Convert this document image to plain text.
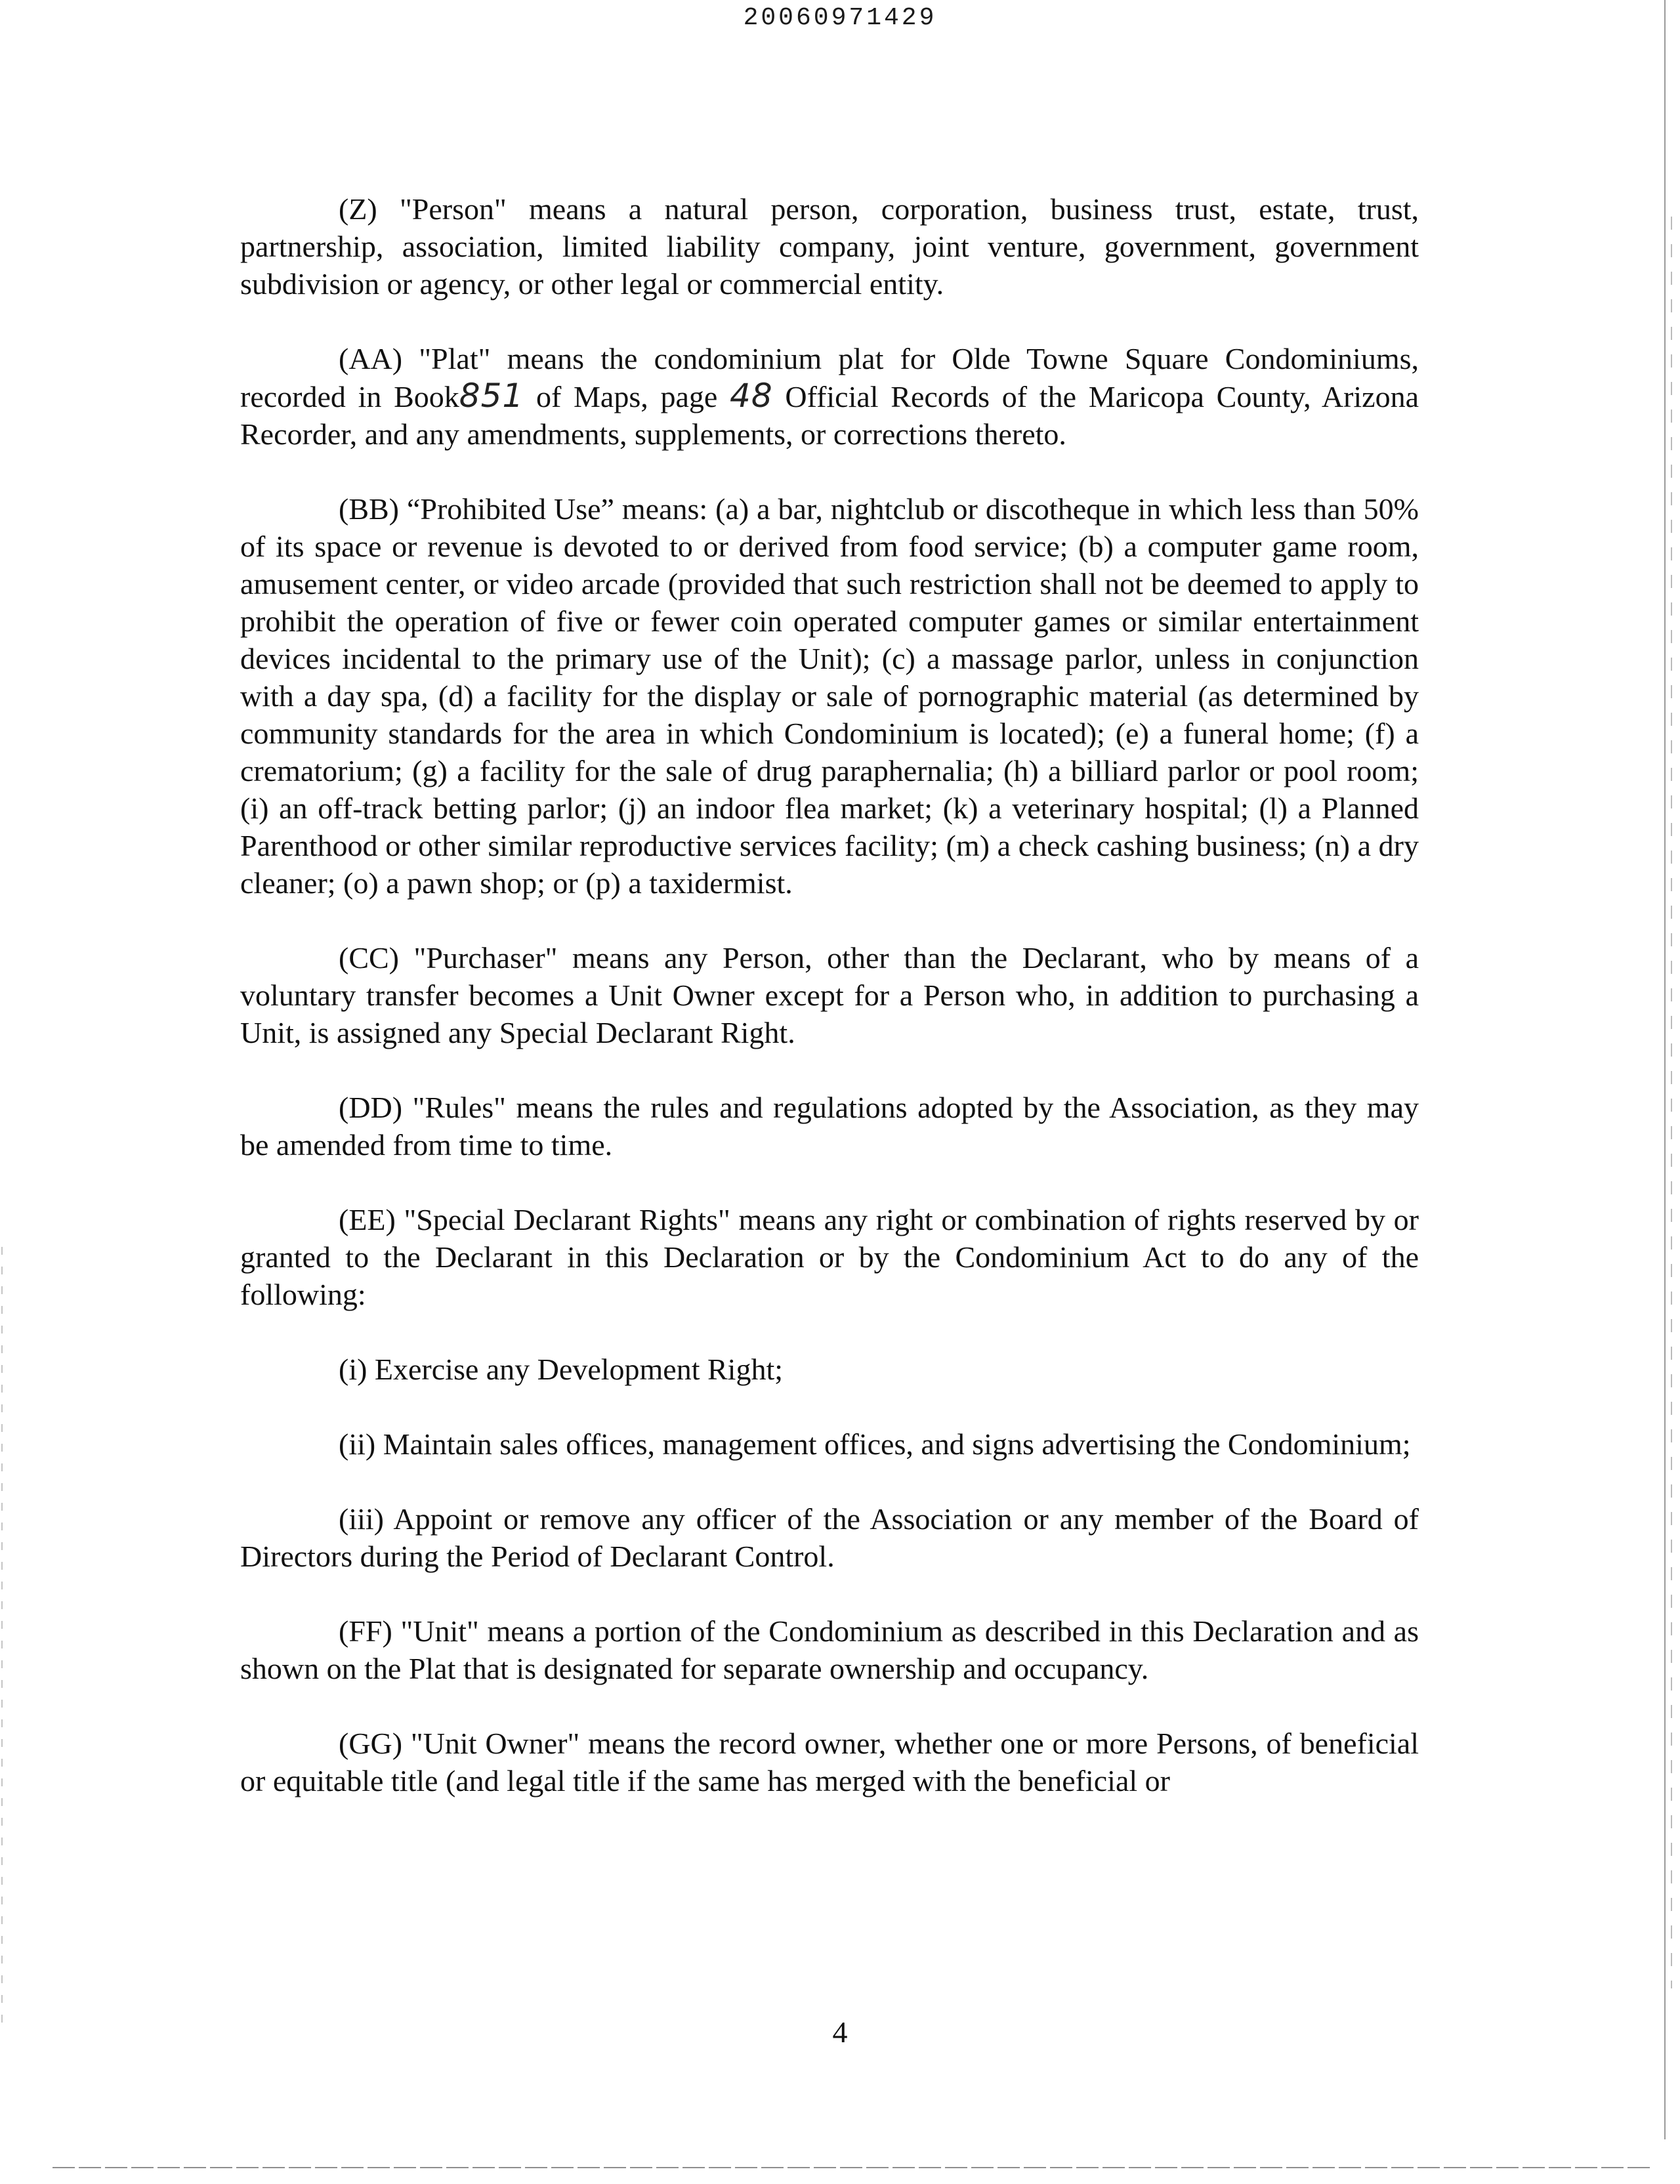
20060971429

(Z) "Person" means a natural person, corporation, business trust, estate, trust, partnership, association, limited liability company, joint venture, government, government subdivision or agency, or other legal or commercial entity.

(AA) "Plat" means the condominium plat for Olde Towne Square Condominiums, recorded in Book851 of Maps, page 48 Official Records of the Maricopa County, Arizona Recorder, and any amendments, supplements, or corrections thereto.

(BB) “Prohibited Use” means: (a) a bar, nightclub or discotheque in which less than 50% of its space or revenue is devoted to or derived from food service; (b) a computer game room, amusement center, or video arcade (provided that such restriction shall not be deemed to apply to prohibit the operation of five or fewer coin operated computer games or similar entertainment devices incidental to the primary use of the Unit); (c) a massage parlor, unless in conjunction with a day spa, (d) a facility for the display or sale of pornographic material (as determined by community standards for the area in which Condominium is located); (e) a funeral home; (f) a crematorium; (g) a facility for the sale of drug paraphernalia; (h) a billiard parlor or pool room; (i) an off-track betting parlor; (j) an indoor flea market; (k) a veterinary hospital; (l) a Planned Parenthood or other similar reproductive services facility; (m) a check cashing business; (n) a dry cleaner; (o) a pawn shop; or (p) a taxidermist.

(CC) "Purchaser" means any Person, other than the Declarant, who by means of a voluntary transfer becomes a Unit Owner except for a Person who, in addition to purchasing a Unit, is assigned any Special Declarant Right.

(DD) "Rules" means the rules and regulations adopted by the Association, as they may be amended from time to time.

(EE) "Special Declarant Rights" means any right or combination of rights reserved by or granted to the Declarant in this Declaration or by the Condominium Act to do any of the following:

(i) Exercise any Development Right;

(ii) Maintain sales offices, management offices, and signs advertising the Condominium;

(iii) Appoint or remove any officer of the Association or any member of the Board of Directors during the Period of Declarant Control.

(FF) "Unit" means a portion of the Condominium as described in this Declaration and as shown on the Plat that is designated for separate ownership and occupancy.

(GG) "Unit Owner" means the record owner, whether one or more Persons, of beneficial or equitable title (and legal title if the same has merged with the beneficial or

4
